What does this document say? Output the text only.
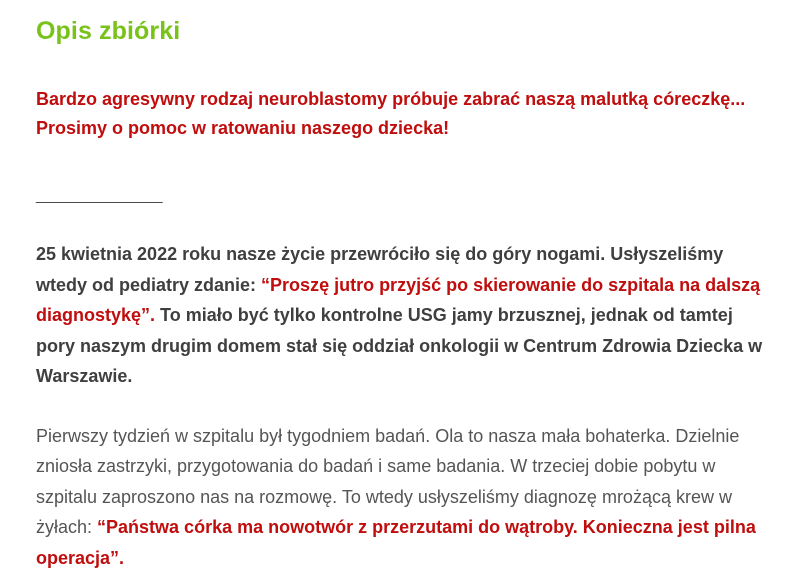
Opis zbiórki

Bardzo agresywny rodzaj neuroblastomy próbuje zabrać naszą malutką córeczkę... Prosimy o pomoc w ratowaniu naszego dziecka!

_______________

25 kwietnia 2022 roku nasze życie przewróciło się do góry nogami. Usłyszeliśmy wtedy od pediatry zdanie: “Proszę jutro przyjść po skierowanie do szpitala na dalszą diagnostykę”. To miało być tylko kontrolne USG jamy brzusznej, jednak od tamtej pory naszym drugim domem stał się oddział onkologii w Centrum Zdrowia Dziecka w Warszawie.

Pierwszy tydzień w szpitalu był tygodniem badań. Ola to nasza mała bohaterka. Dzielnie zniosła zastrzyki, przygotowania do badań i same badania. W trzeciej dobie pobytu w szpitalu zaproszono nas na rozmowę. To wtedy usłyszeliśmy diagnozę mrożącą krew w żyłach: “Państwa córka ma nowotwór z przerzutami do wątroby. Konieczna jest pilna operacja”.
